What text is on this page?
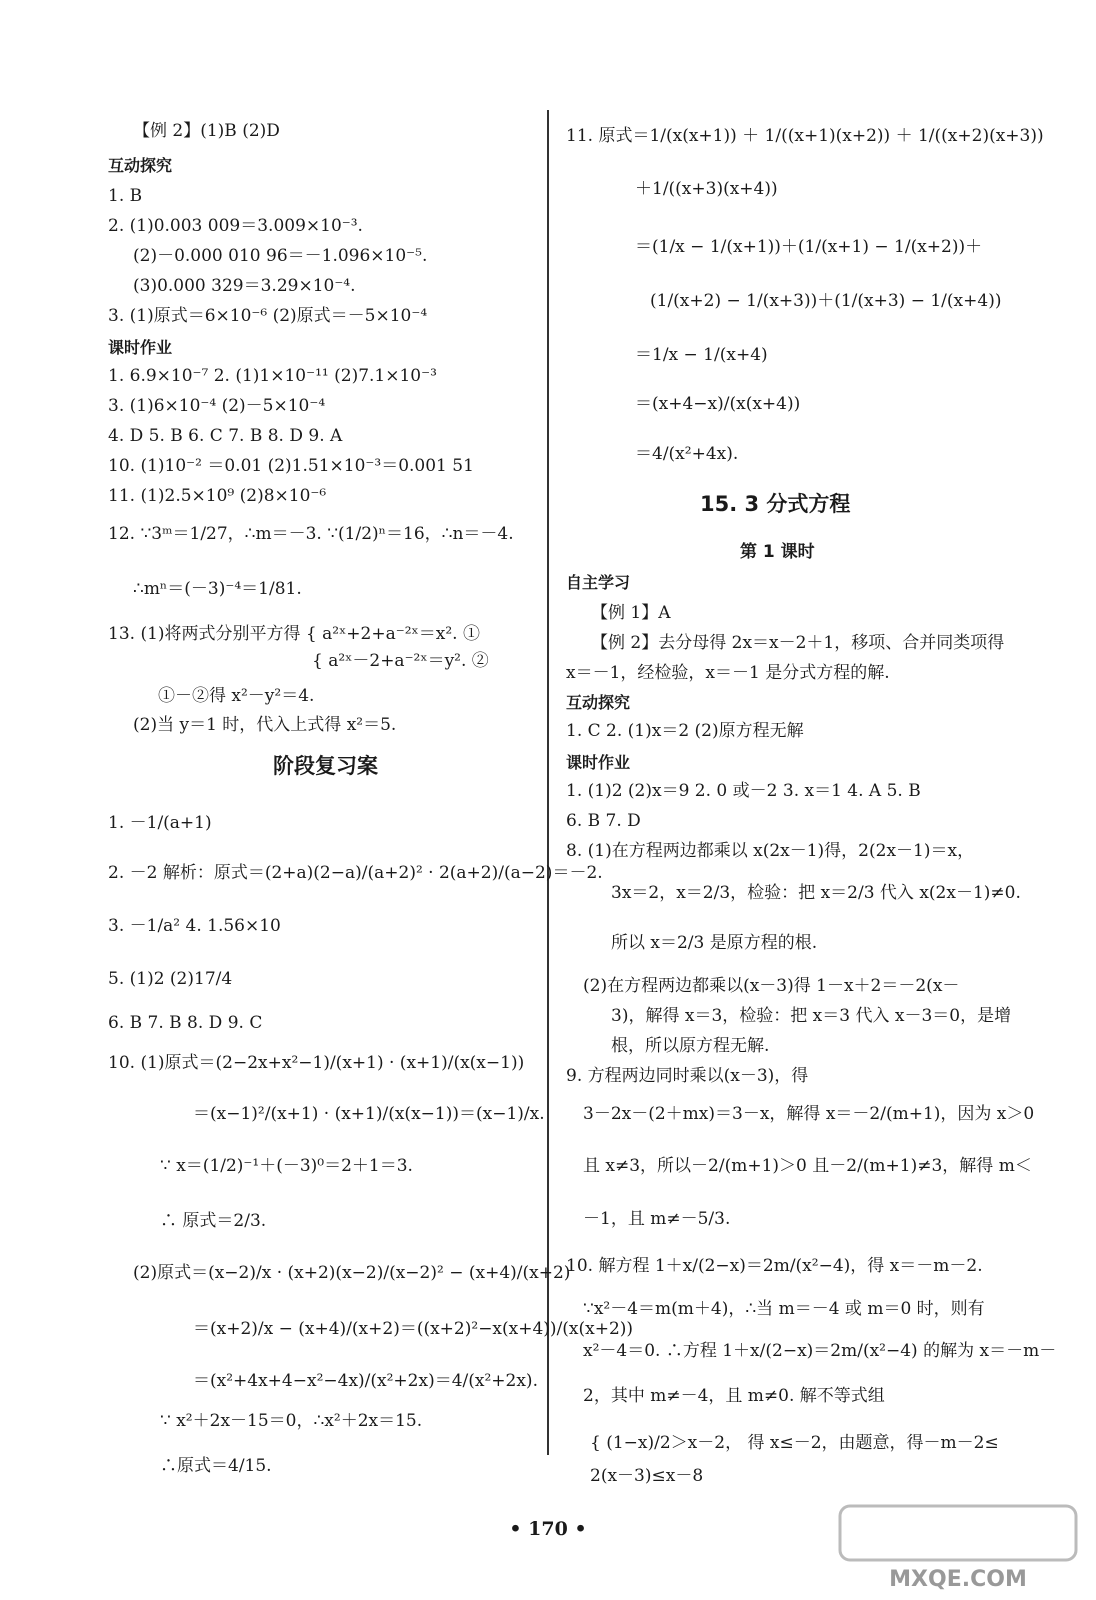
阶段复习案
15. 3 分式方程
第 1 课时
• 170 •
MXQE.COM
【例 2】(1)B (2)D
互动探究
1. B
2. (1)0.003 009＝3.009×10⁻³.
(2)－0.000 010 96＝－1.096×10⁻⁵.
(3)0.000 329＝3.29×10⁻⁴.
3. (1)原式＝6×10⁻⁶ (2)原式＝－5×10⁻⁴
课时作业
1. 6.9×10⁻⁷ 2. (1)1×10⁻¹¹ (2)7.1×10⁻³
3. (1)6×10⁻⁴ (2)－5×10⁻⁴
4. D 5. B 6. C 7. B 8. D 9. A
10. (1)10⁻² ＝0.01 (2)1.51×10⁻³＝0.001 51
11. (1)2.5×10⁹ (2)8×10⁻⁶
12. ∵3ᵐ＝1/27，∴m＝－3. ∵(1/2)ⁿ＝16，∴n＝－4.
∴mⁿ＝(－3)⁻⁴＝1/81.
13. (1)将两式分别平方得 { a²ˣ+2+a⁻²ˣ＝x². ①
{ a²ˣ－2+a⁻²ˣ＝y². ②
①－②得 x²－y²＝4.
(2)当 y＝1 时，代入上式得 x²＝5.
1. －1/(a+1)
2. －2 解析：原式＝(2+a)(2−a)/(a+2)² · 2(a+2)/(a−2)＝－2.
3. －1/a² 4. 1.56×10
5. (1)2 (2)17/4
6. B 7. B 8. D 9. C
10. (1)原式＝(2−2x+x²−1)/(x+1) · (x+1)/(x(x−1))
＝(x−1)²/(x+1) · (x+1)/(x(x−1))＝(x−1)/x.
∵ x＝(1/2)⁻¹＋(－3)⁰＝2＋1＝3.
∴ 原式＝2/3.
(2)原式＝(x−2)/x · (x+2)(x−2)/(x−2)² − (x+4)/(x+2)
＝(x+2)/x − (x+4)/(x+2)＝((x+2)²−x(x+4))/(x(x+2))
＝(x²+4x+4−x²−4x)/(x²+2x)＝4/(x²+2x).
∵ x²＋2x－15＝0，∴x²＋2x＝15.
∴原式＝4/15.
11. 原式＝1/(x(x+1)) ＋ 1/((x+1)(x+2)) ＋ 1/((x+2)(x+3))
＋1/((x+3)(x+4))
＝(1/x − 1/(x+1))＋(1/(x+1) − 1/(x+2))＋
(1/(x+2) − 1/(x+3))＋(1/(x+3) − 1/(x+4))
＝1/x − 1/(x+4)
＝(x+4−x)/(x(x+4))
＝4/(x²+4x).
自主学习
【例 1】A
【例 2】去分母得 2x＝x－2＋1，移项、合并同类项得
x＝－1，经检验，x＝－1 是分式方程的解.
互动探究
1. C 2. (1)x＝2 (2)原方程无解
课时作业
1. (1)2 (2)x＝9 2. 0 或－2 3. x＝1 4. A 5. B
6. B 7. D
8. (1)在方程两边都乘以 x(2x－1)得，2(2x－1)＝x，
3x＝2，x＝2/3，检验：把 x＝2/3 代入 x(2x－1)≠0.
所以 x＝2/3 是原方程的根.
(2)在方程两边都乘以(x－3)得 1－x＋2＝－2(x－
3)，解得 x＝3，检验：把 x＝3 代入 x－3＝0，是增
根，所以原方程无解.
9. 方程两边同时乘以(x－3)，得
3－2x－(2＋mx)＝3－x，解得 x＝－2/(m+1)，因为 x＞0
且 x≠3，所以－2/(m+1)＞0 且－2/(m+1)≠3，解得 m＜
－1，且 m≠－5/3.
10. 解方程 1＋x/(2−x)＝2m/(x²−4)，得 x＝－m－2.
∵x²－4＝m(m＋4)，∴当 m＝－4 或 m＝0 时，则有
x²－4＝0. ∴方程 1＋x/(2−x)＝2m/(x²−4) 的解为 x＝－m－
2，其中 m≠－4，且 m≠0. 解不等式组
{ (1−x)/2＞x－2， 得 x≤－2，由题意，得－m－2≤
2(x－3)≤x－8
